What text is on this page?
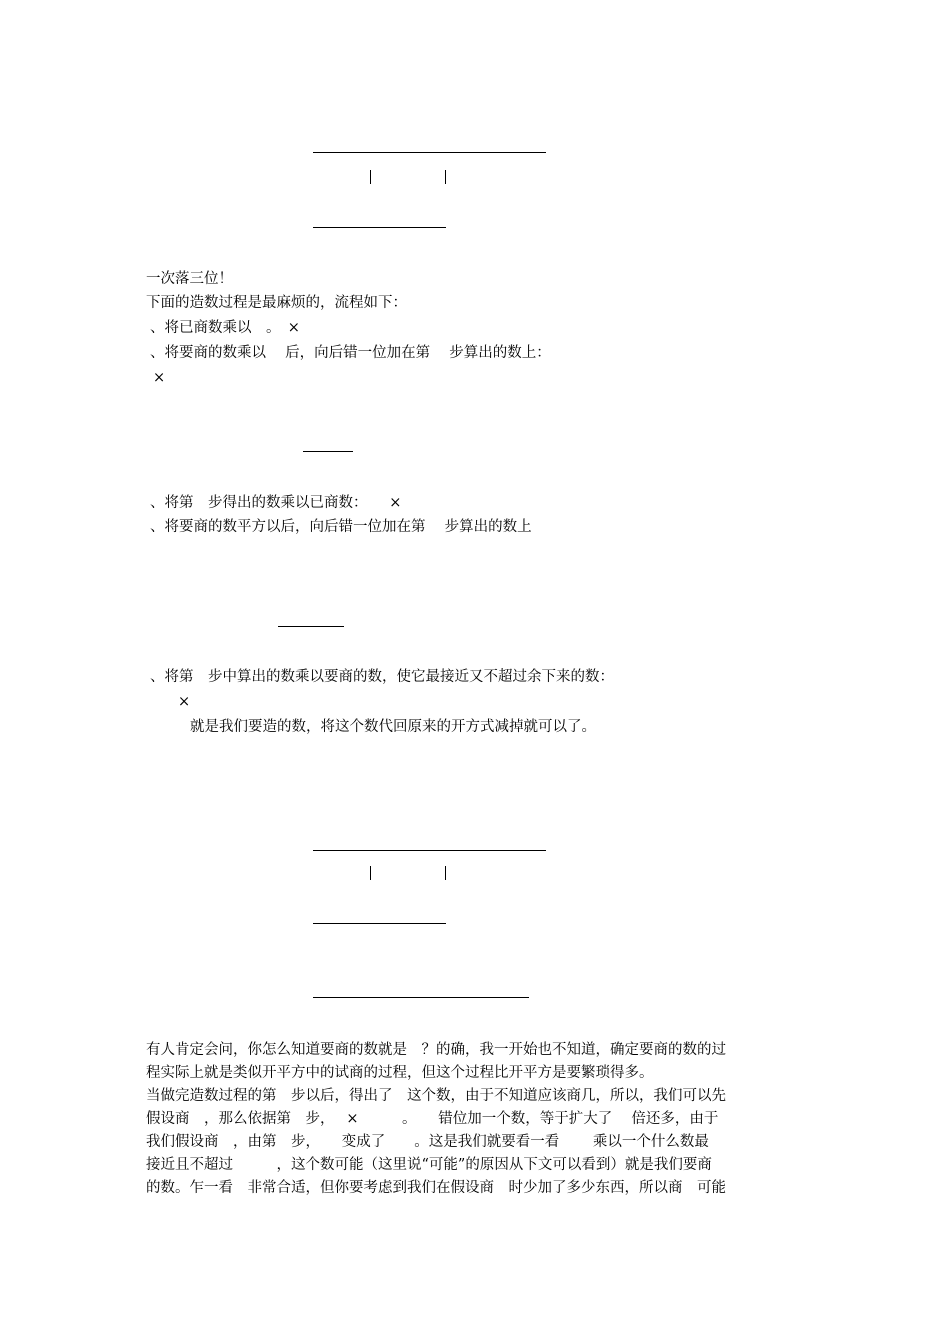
一次落三位！
下面的造数过程是最麻烦的，流程如下：
、将已商数乘以　。　×
、将要商的数乘以　 后，向后错一位加在第　 步算出的数上：
×
、将第　步得出的数乘以已商数：　　×
、将要商的数平方以后，向后错一位加在第　 步算出的数上
、将第　步中算出的数乘以要商的数，使它最接近又不超过余下来的数：
×
就是我们要造的数，将这个数代回原来的开方式减掉就可以了。
有人肯定会问，你怎么知道要商的数就是　？的确，我一开始也不知道，确定要商的数的过
程实际上就是类似开平方中的试商的过程，但这个过程比开平方是要繁琐得多。
当做完造数过程的第　步以后，得出了　这个数，由于不知道应该商几，所以，我们可以先
假设商　，那么依据第　步，　 ×　　　。　　错位加一个数，等于扩大了　 倍还多，由于
我们假设商　，由第　步，　　变成了　　。这是我们就要看一看　　 乘以一个什么数最
接近且不超过　　　，这个数可能（这里说“可能”的原因从下文可以看到）就是我们要商
的数。乍一看　非常合适，但你要考虑到我们在假设商　时少加了多少东西，所以商　可能
